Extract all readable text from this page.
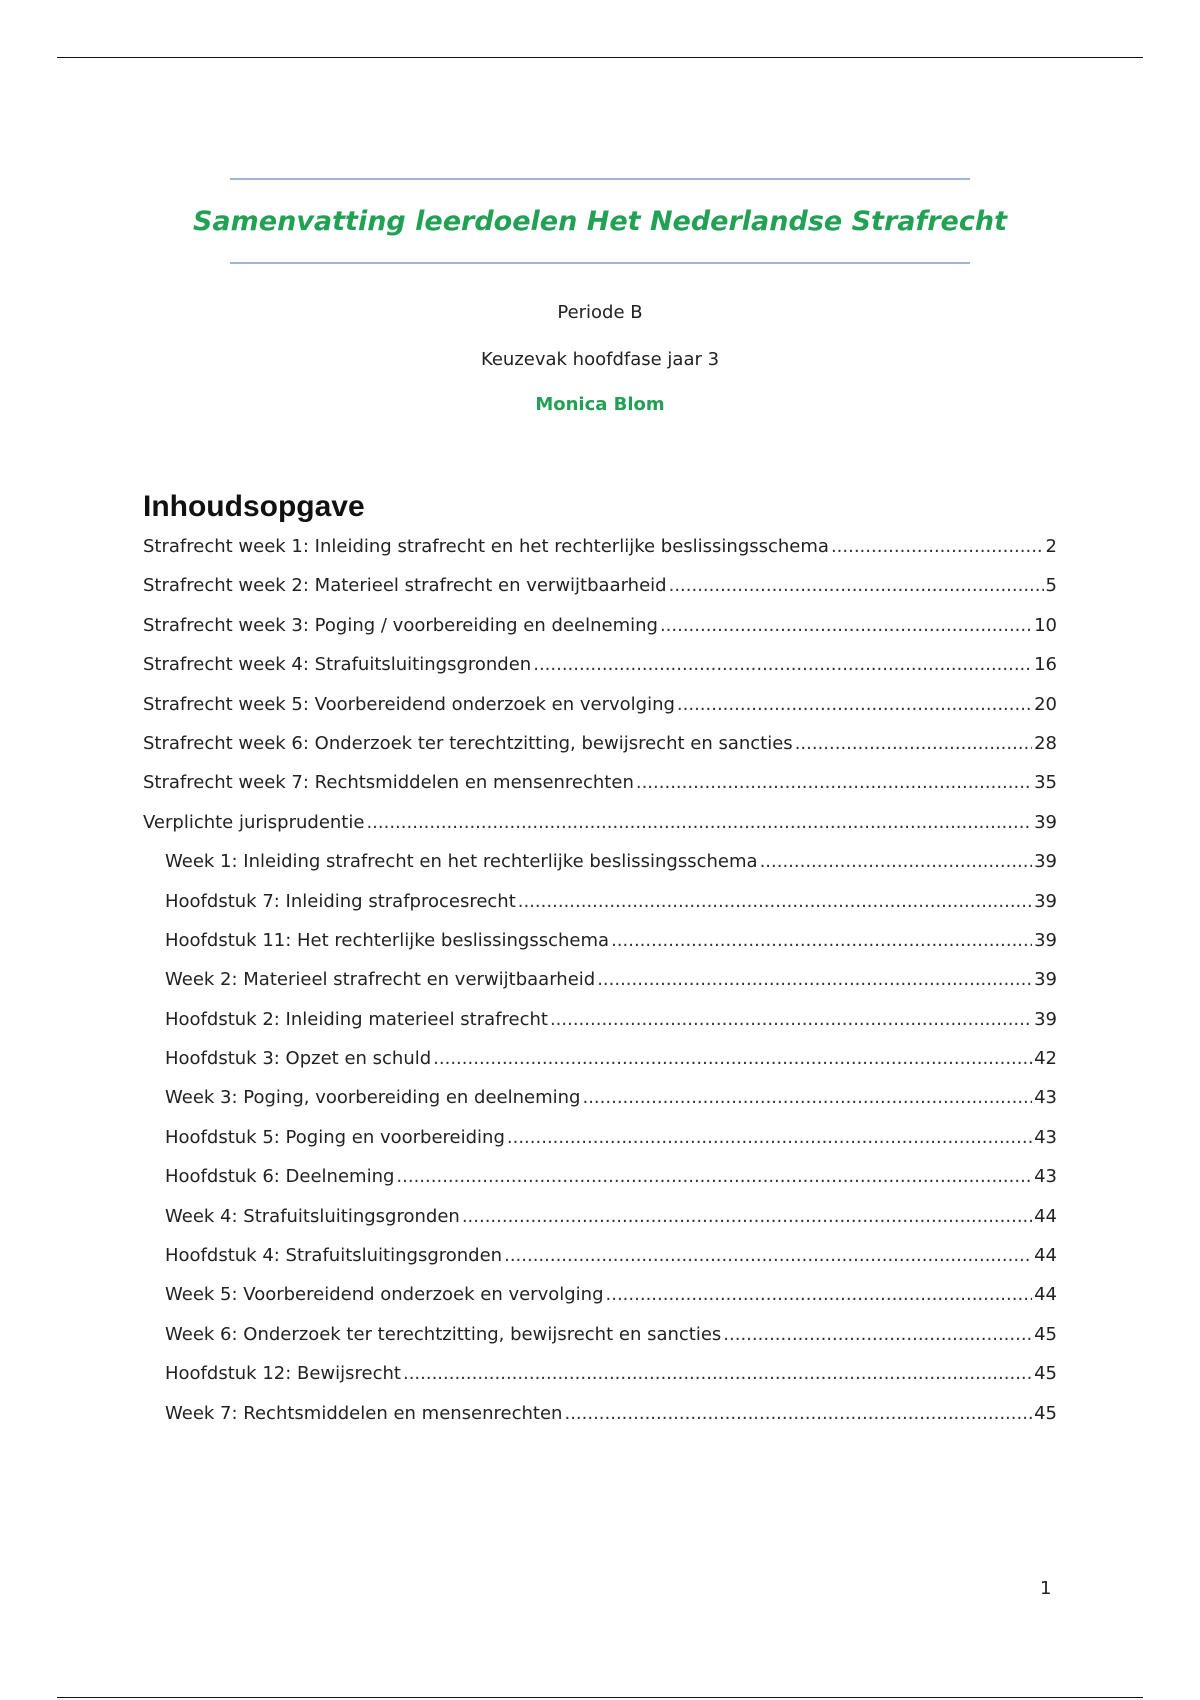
Samenvatting leerdoelen Het Nederlandse Strafrecht
Periode B
Keuzevak hoofdfase jaar 3
Monica Blom
Inhoudsopgave
Strafrecht week 1: Inleiding strafrecht en het rechterlijke beslissingsschema .....	2
Strafrecht week 2: Materieel strafrecht en verwijtbaarheid .....	5
Strafrecht week 3: Poging / voorbereiding en deelneming .....	10
Strafrecht week 4: Strafuitsluitingsgronden .....	16
Strafrecht week 5: Voorbereidend onderzoek en vervolging .....	20
Strafrecht week 6: Onderzoek ter terechtzitting, bewijsrecht en sancties .....	28
Strafrecht week 7: Rechtsmiddelen en mensenrechten .....	35
Verplichte jurisprudentie .....	39
Week 1: Inleiding strafrecht en het rechterlijke beslissingsschema .....	39
Hoofdstuk 7: Inleiding strafprocesrecht .....	39
Hoofdstuk 11: Het rechterlijke beslissingsschema .....	39
Week 2: Materieel strafrecht en verwijtbaarheid .....	39
Hoofdstuk 2: Inleiding materieel strafrecht .....	39
Hoofdstuk 3: Opzet en schuld .....	42
Week 3: Poging, voorbereiding en deelneming .....	43
Hoofdstuk 5: Poging en voorbereiding .....	43
Hoofdstuk 6: Deelneming .....	43
Week 4: Strafuitsluitingsgronden .....	44
Hoofdstuk 4: Strafuitsluitingsgronden .....	44
Week 5: Voorbereidend onderzoek en vervolging .....	44
Week 6: Onderzoek ter terechtzitting, bewijsrecht en sancties .....	45
Hoofdstuk 12: Bewijsrecht .....	45
Week 7: Rechtsmiddelen en mensenrechten .....	45
1
